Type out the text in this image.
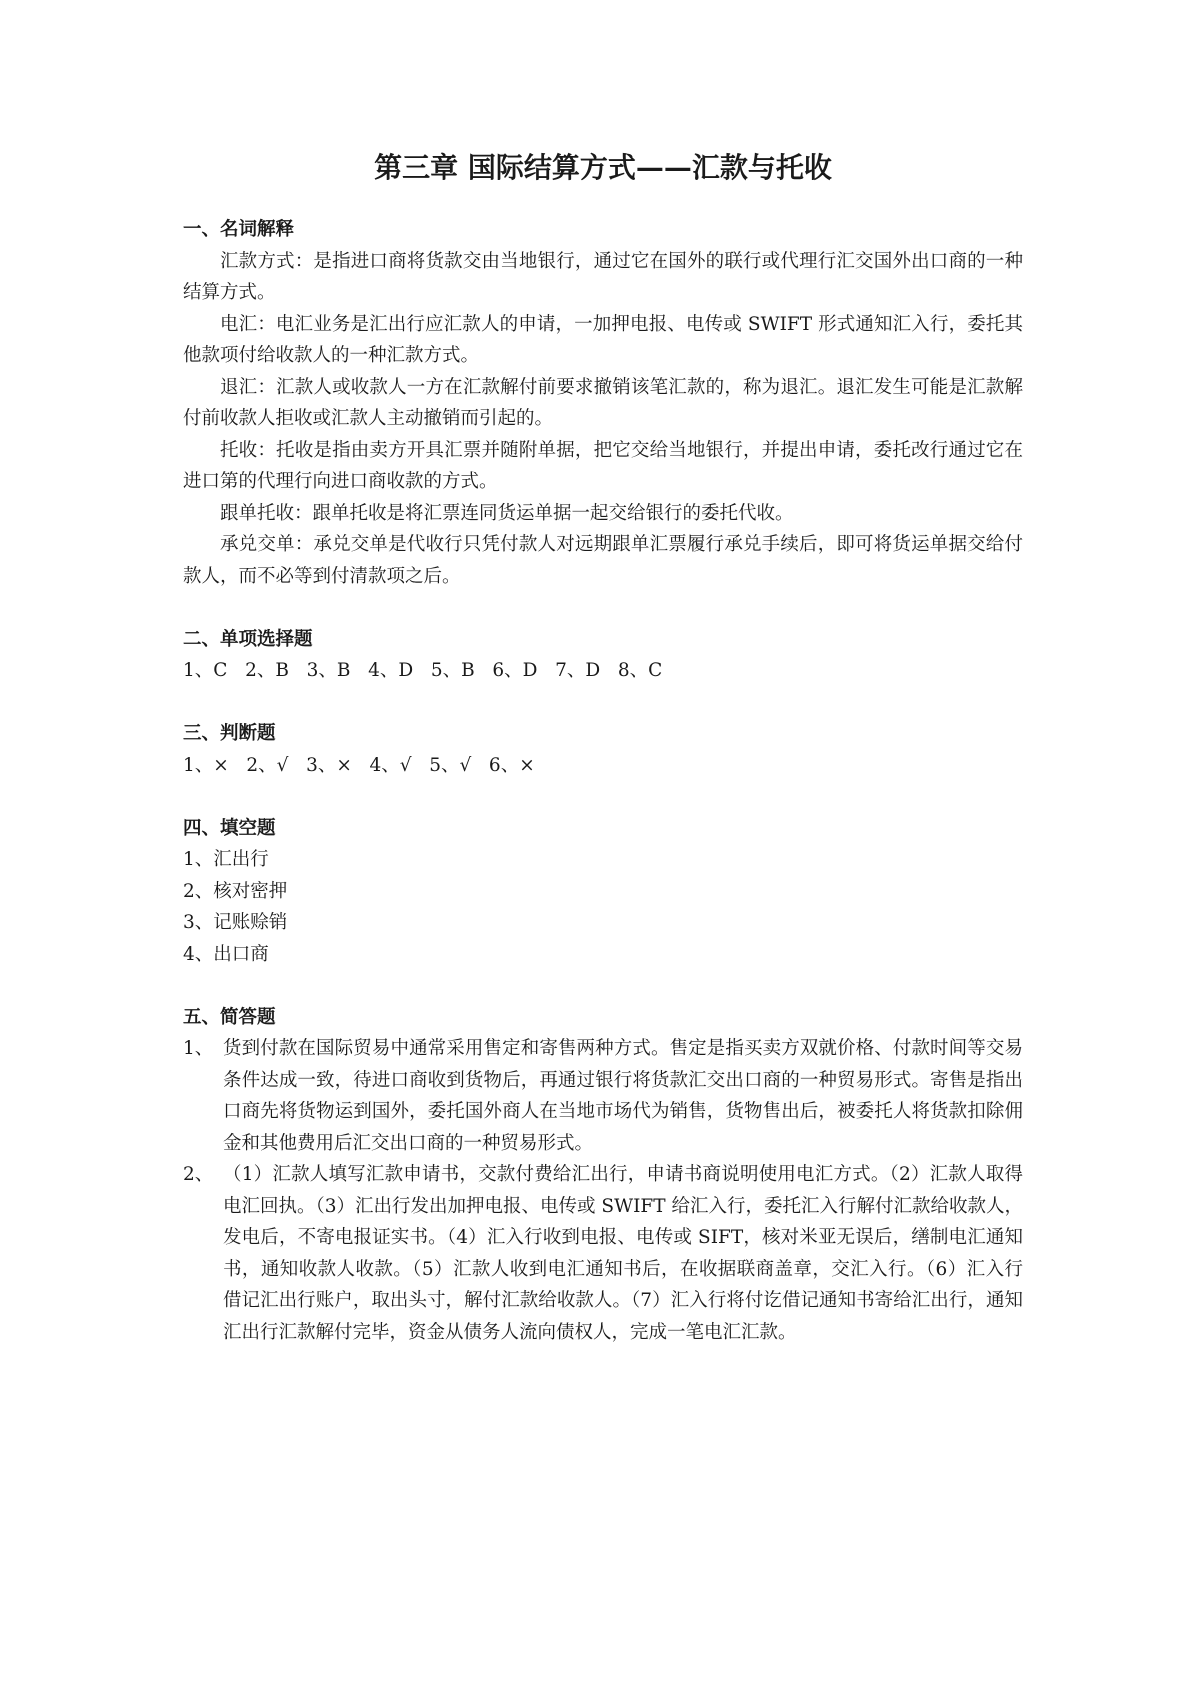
第三章 国际结算方式——汇款与托收

一、名词解释

汇款方式：是指进口商将货款交由当地银行，通过它在国外的联行或代理行汇交国外出口商的一种结算方式。

电汇：电汇业务是汇出行应汇款人的申请，一加押电报、电传或 SWIFT 形式通知汇入行，委托其他款项付给收款人的一种汇款方式。

退汇：汇款人或收款人一方在汇款解付前要求撤销该笔汇款的，称为退汇。退汇发生可能是汇款解付前收款人拒收或汇款人主动撤销而引起的。

托收：托收是指由卖方开具汇票并随附单据，把它交给当地银行，并提出申请，委托改行通过它在进口第的代理行向进口商收款的方式。

跟单托收：跟单托收是将汇票连同货运单据一起交给银行的委托代收。

承兑交单：承兑交单是代收行只凭付款人对远期跟单汇票履行承兑手续后，即可将货运单据交给付款人，而不必等到付清款项之后。

二、单项选择题

1、C   2、B   3、B   4、D   5、B   6、D   7、D   8、C

三、判断题

1、×   2、√   3、×   4、√   5、√   6、×

四、填空题

1、汇出行

2、核对密押

3、记账赊销

4、出口商

五、简答题

1、 货到付款在国际贸易中通常采用售定和寄售两种方式。售定是指买卖方双就价格、付款时间等交易条件达成一致，待进口商收到货物后，再通过银行将货款汇交出口商的一种贸易形式。寄售是指出口商先将货物运到国外，委托国外商人在当地市场代为销售，货物售出后，被委托人将货款扣除佣金和其他费用后汇交出口商的一种贸易形式。
2、 （1）汇款人填写汇款申请书，交款付费给汇出行，申请书商说明使用电汇方式。（2）汇款人取得电汇回执。（3）汇出行发出加押电报、电传或 SWIFT 给汇入行，委托汇入行解付汇款给收款人，发电后，不寄电报证实书。（4）汇入行收到电报、电传或 SIFT，核对米亚无误后，缮制电汇通知书，通知收款人收款。（5）汇款人收到电汇通知书后，在收据联商盖章，交汇入行。（6）汇入行借记汇出行账户，取出头寸，解付汇款给收款人。（7）汇入行将付讫借记通知书寄给汇出行，通知汇出行汇款解付完毕，资金从债务人流向债权人，完成一笔电汇汇款。
